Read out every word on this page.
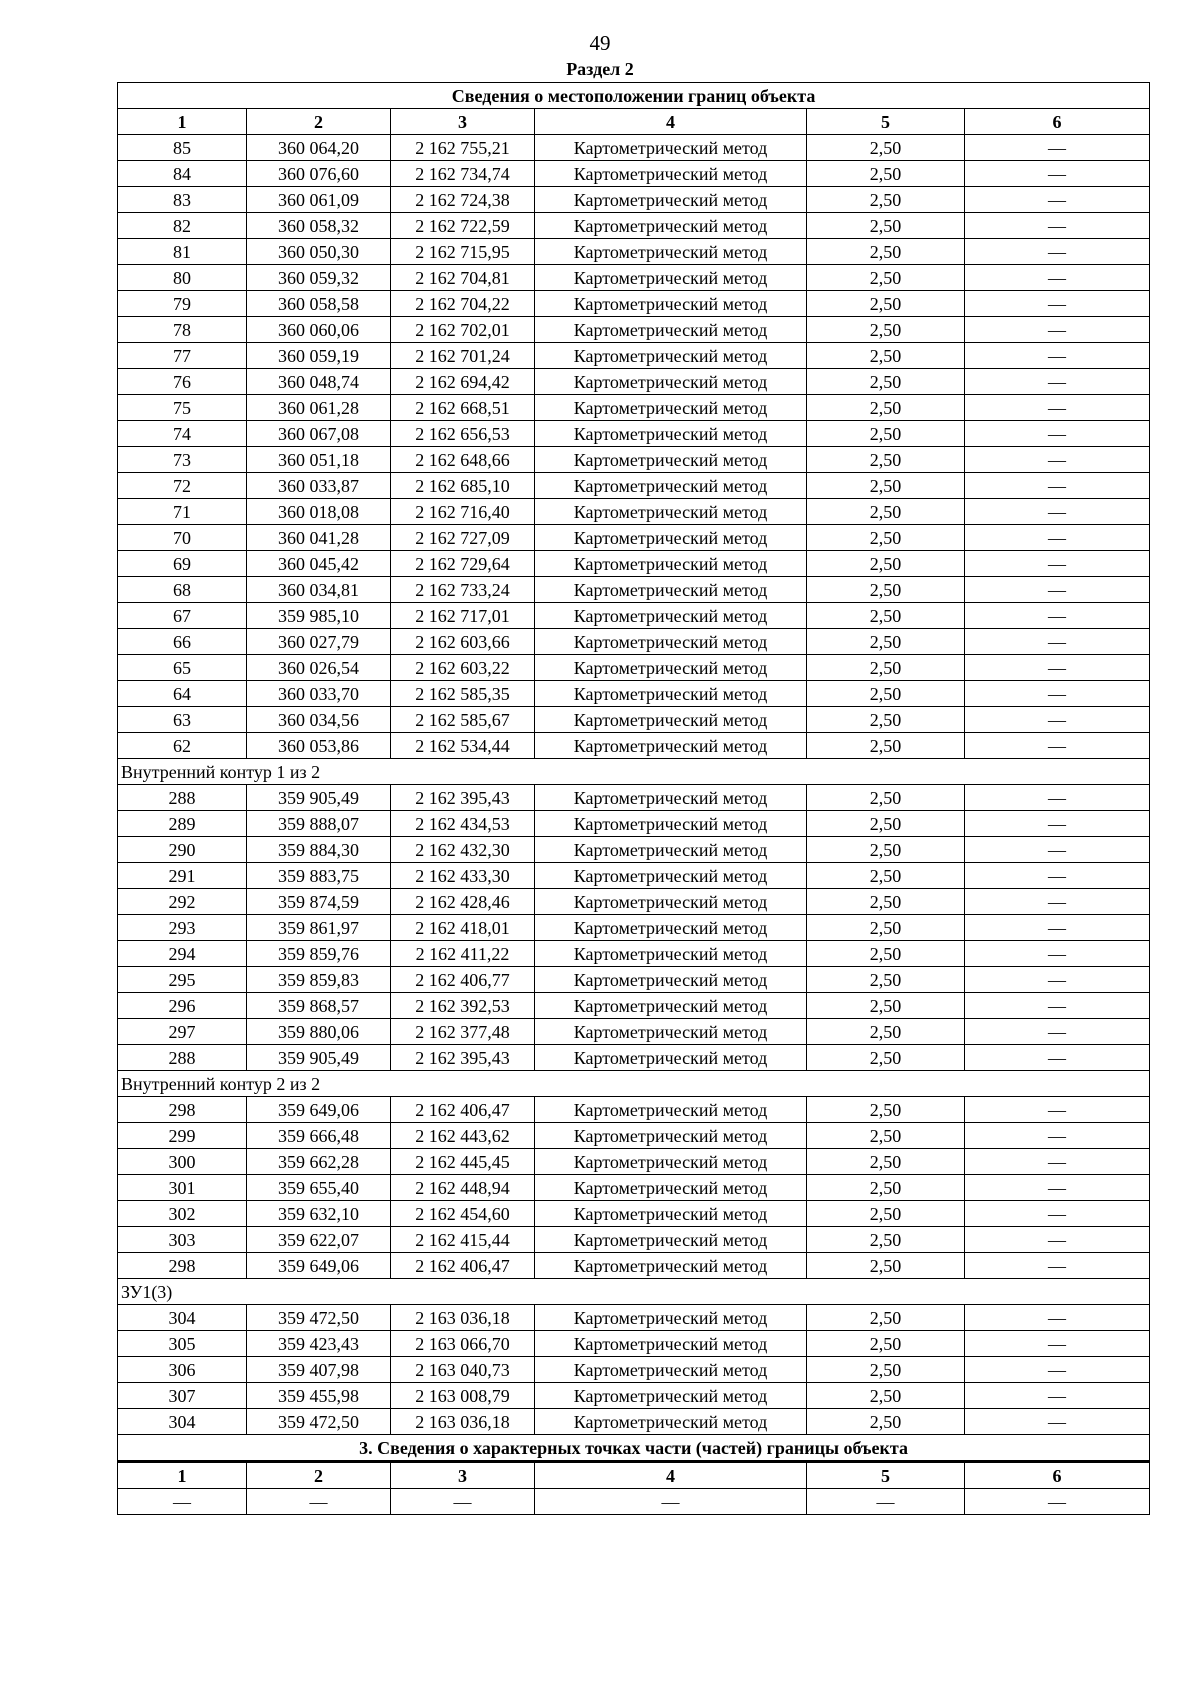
49
Раздел 2
Сведения о местоположении границ объекта					
1	2	3	4	5	6
85	360 064,20	2 162 755,21	Картометрический метод	2,50	—
84	360 076,60	2 162 734,74	Картометрический метод	2,50	—
83	360 061,09	2 162 724,38	Картометрический метод	2,50	—
82	360 058,32	2 162 722,59	Картометрический метод	2,50	—
81	360 050,30	2 162 715,95	Картометрический метод	2,50	—
80	360 059,32	2 162 704,81	Картометрический метод	2,50	—
79	360 058,58	2 162 704,22	Картометрический метод	2,50	—
78	360 060,06	2 162 702,01	Картометрический метод	2,50	—
77	360 059,19	2 162 701,24	Картометрический метод	2,50	—
76	360 048,74	2 162 694,42	Картометрический метод	2,50	—
75	360 061,28	2 162 668,51	Картометрический метод	2,50	—
74	360 067,08	2 162 656,53	Картометрический метод	2,50	—
73	360 051,18	2 162 648,66	Картометрический метод	2,50	—
72	360 033,87	2 162 685,10	Картометрический метод	2,50	—
71	360 018,08	2 162 716,40	Картометрический метод	2,50	—
70	360 041,28	2 162 727,09	Картометрический метод	2,50	—
69	360 045,42	2 162 729,64	Картометрический метод	2,50	—
68	360 034,81	2 162 733,24	Картометрический метод	2,50	—
67	359 985,10	2 162 717,01	Картометрический метод	2,50	—
66	360 027,79	2 162 603,66	Картометрический метод	2,50	—
65	360 026,54	2 162 603,22	Картометрический метод	2,50	—
64	360 033,70	2 162 585,35	Картометрический метод	2,50	—
63	360 034,56	2 162 585,67	Картометрический метод	2,50	—
62	360 053,86	2 162 534,44	Картометрический метод	2,50	—
Внутренний контур 1 из 2					
288	359 905,49	2 162 395,43	Картометрический метод	2,50	—
289	359 888,07	2 162 434,53	Картометрический метод	2,50	—
290	359 884,30	2 162 432,30	Картометрический метод	2,50	—
291	359 883,75	2 162 433,30	Картометрический метод	2,50	—
292	359 874,59	2 162 428,46	Картометрический метод	2,50	—
293	359 861,97	2 162 418,01	Картометрический метод	2,50	—
294	359 859,76	2 162 411,22	Картометрический метод	2,50	—
295	359 859,83	2 162 406,77	Картометрический метод	2,50	—
296	359 868,57	2 162 392,53	Картометрический метод	2,50	—
297	359 880,06	2 162 377,48	Картометрический метод	2,50	—
288	359 905,49	2 162 395,43	Картометрический метод	2,50	—
Внутренний контур 2 из 2					
298	359 649,06	2 162 406,47	Картометрический метод	2,50	—
299	359 666,48	2 162 443,62	Картометрический метод	2,50	—
300	359 662,28	2 162 445,45	Картометрический метод	2,50	—
301	359 655,40	2 162 448,94	Картометрический метод	2,50	—
302	359 632,10	2 162 454,60	Картометрический метод	2,50	—
303	359 622,07	2 162 415,44	Картометрический метод	2,50	—
298	359 649,06	2 162 406,47	Картометрический метод	2,50	—
ЗУ1(3)					
304	359 472,50	2 163 036,18	Картометрический метод	2,50	—
305	359 423,43	2 163 066,70	Картометрический метод	2,50	—
306	359 407,98	2 163 040,73	Картометрический метод	2,50	—
307	359 455,98	2 163 008,79	Картометрический метод	2,50	—
304	359 472,50	2 163 036,18	Картометрический метод	2,50	—
3. Сведения о характерных точках части (частей) границы объекта					
1	2	3	4	5	6
—	—	—	—	—	—
